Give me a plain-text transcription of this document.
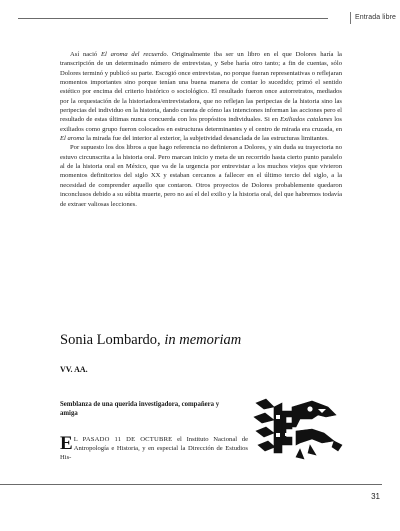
Entrada libre

Así nació El aroma del recuerdo. Originalmente iba ser un libro en el que Dolores haría la transcripción de un determinado número de entrevistas, y Sebe haría otro tanto; a fin de cuentas, sólo Dolores terminó y publicó su parte. Escogió once entrevistas, no porque fueran representativas o reflejaran momentos importantes sino porque tenían una buena manera de contar lo sucedido; primó el sentido estético por encima del criterio histórico o sociológico. El resultado fueron once autorretratos, mediados por la orquestación de la historiadora/entrevistadora, que no reflejan las peripecias de la historia sino las peripecias del individuo en la historia, dando cuenta de cómo las intenciones informan las acciones pero el resultado de estas últimas nunca concuerda con los propósitos individuales. Si en Exiliados catalanes los exiliados como grupo fueron colocados en estructuras determinantes y el centro de mirada era cruzada, en El aroma la mirada fue del interior al exterior, la subjetividad desanclada de las estructuras limitantes.

Por supuesto los dos libros a que hago referencia no definieron a Dolores, y sin duda su trayectoria no estuvo circunscrita a la historia oral. Pero marcan inicio y meta de un recorrido hasta cierto punto paralelo al de la historia oral en México, que va de la urgencia por entrevistar a los muchos viejos que vivieron momentos definitorios del siglo XX y estaban cercanos a fallecer en el último tercio del siglo, a la necesidad de comprender aquello que contaron. Otros proyectos de Dolores probablemente quedaron inconclusos debido a su súbita muerte, pero no así el del exilio y la historia oral, del que habremos todavía de extraer valiosas lecciones.

Sonia Lombardo, in memoriam
VV. AA.
Semblanza de una querida investigadora, compañera y amiga
E L PASADO 11 DE OCTUBRE el Instituto Nacional de Antropología e Historia, y en especial la Dirección de Estudios His-
31
